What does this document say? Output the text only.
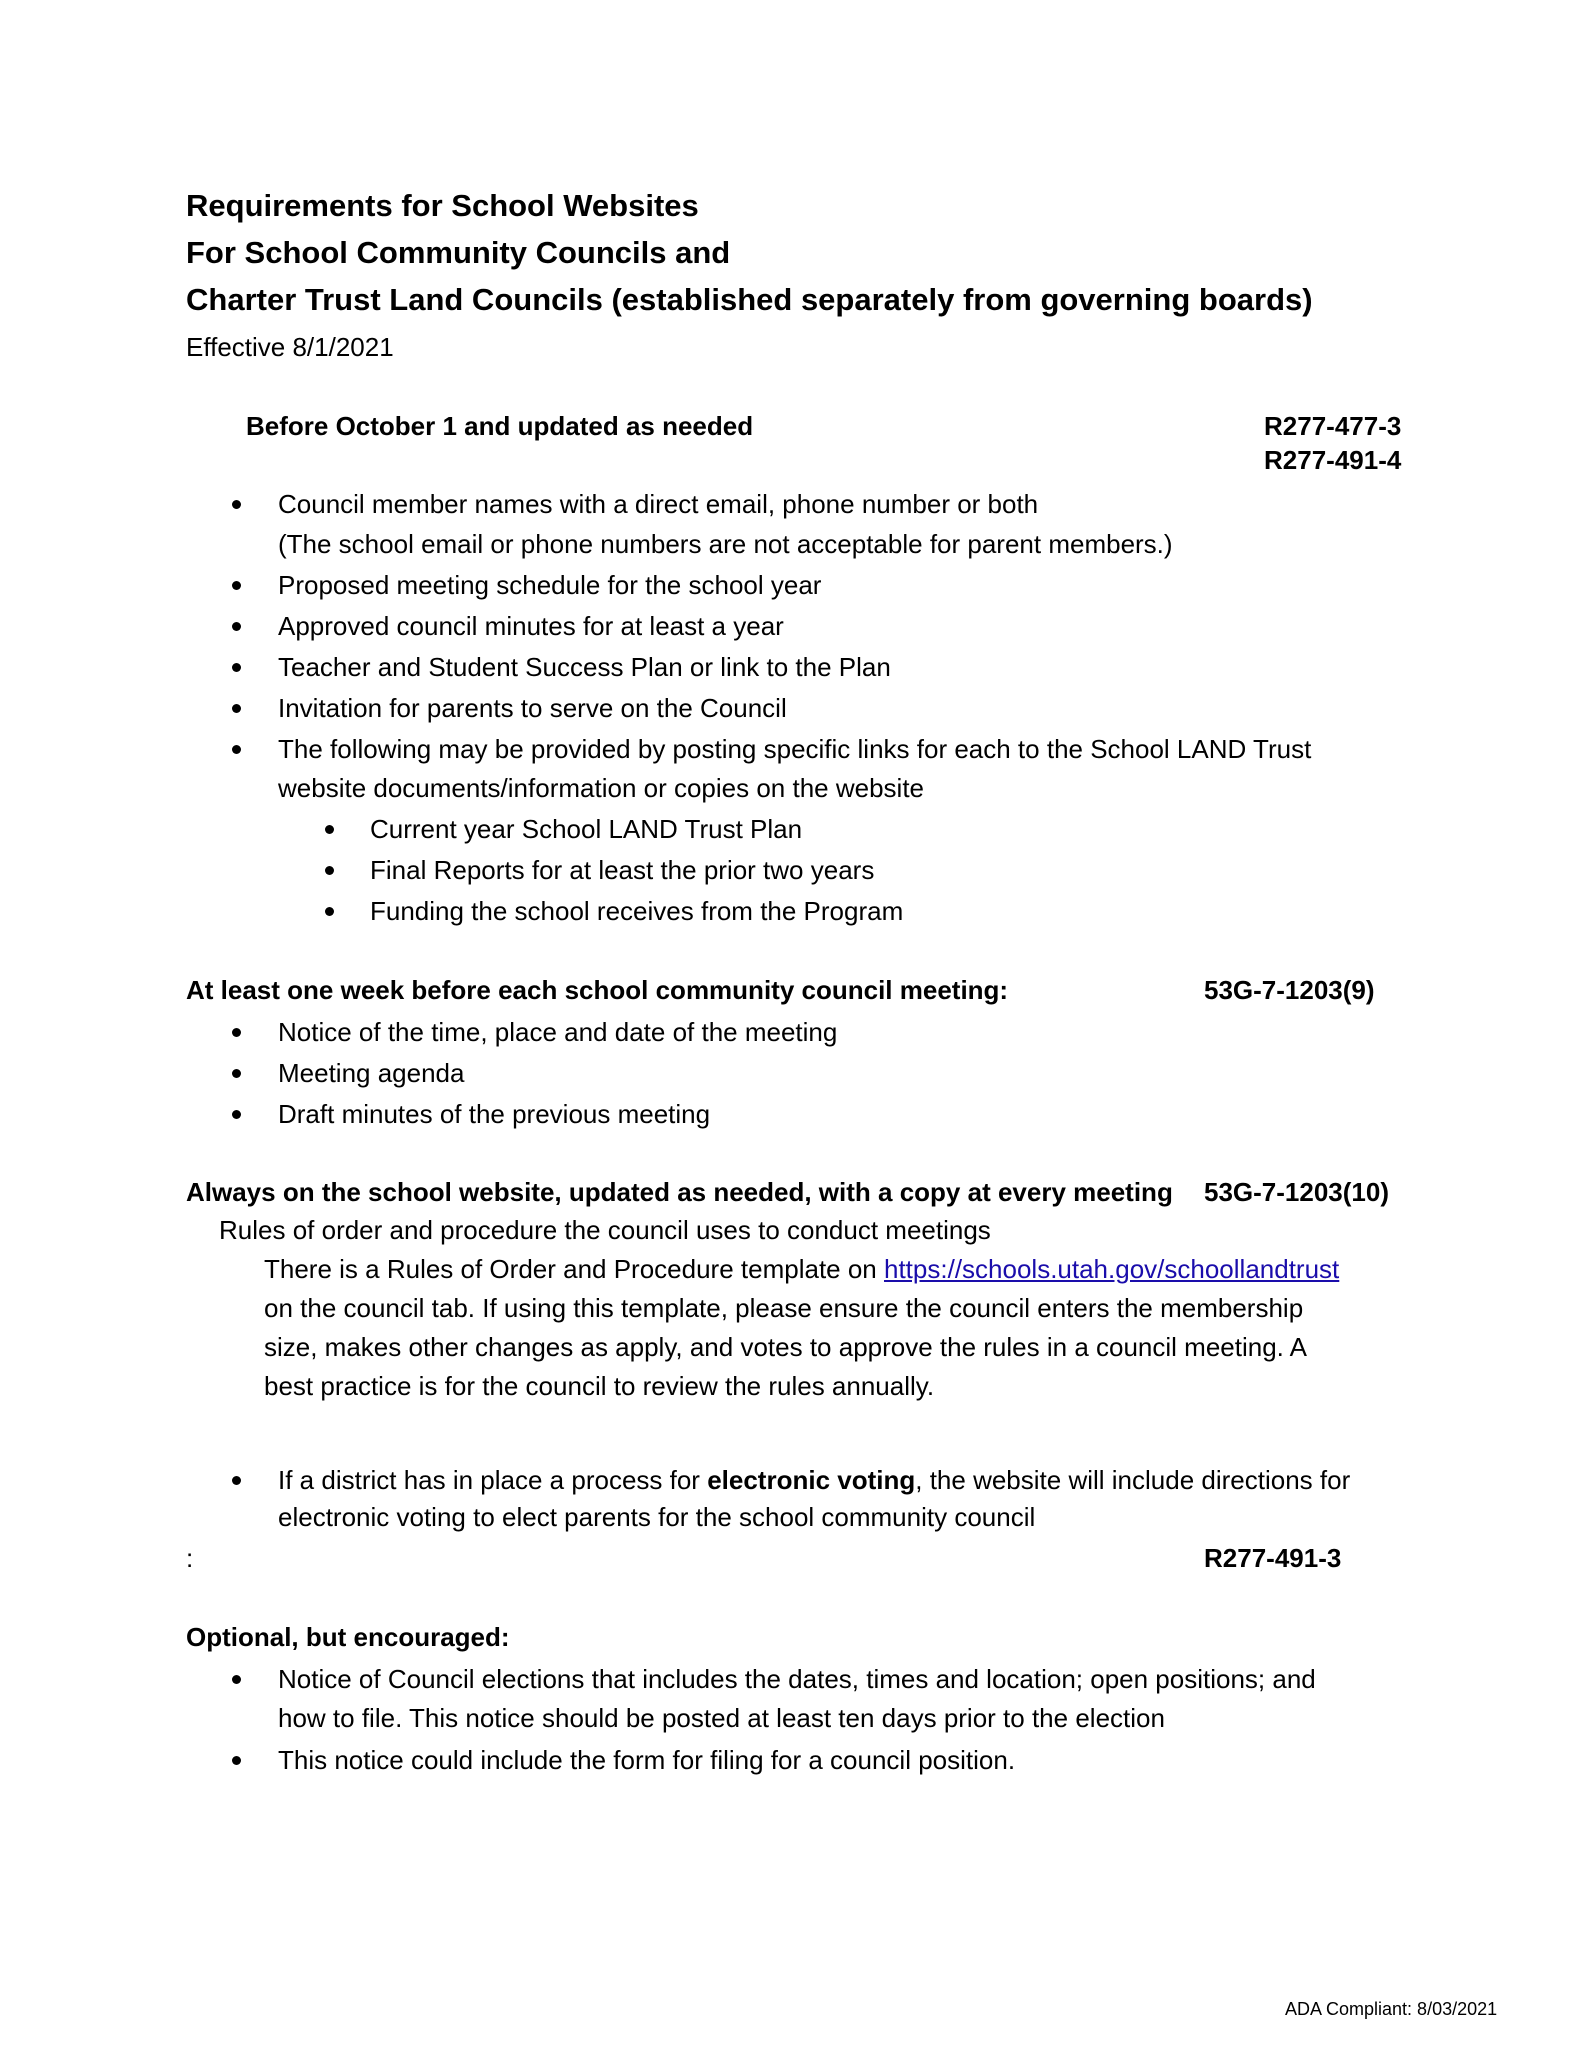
Requirements for School Websites
For School Community Councils and
Charter Trust Land Councils (established separately from governing boards)
Effective 8/1/2021
Before October 1 and updated as needed	R277-477-3
R277-491-4
Council member names with a direct email, phone number or both
(The school email or phone numbers are not acceptable for parent members.)
Proposed meeting schedule for the school year
Approved council minutes for at least a year
Teacher and Student Success Plan or link to the Plan
Invitation for parents to serve on the Council
The following may be provided by posting specific links for each to the School LAND Trust
website documents/information or copies on the website
Current year School LAND Trust Plan
Final Reports for at least the prior two years
Funding the school receives from the Program
At least one week before each school community council meeting:	53G-7-1203(9)
Notice of the time, place and date of the meeting
Meeting agenda
Draft minutes of the previous meeting
Always on the school website, updated as needed, with a copy at every meeting 53G-7-1203(10)
Rules of order and procedure the council uses to conduct meetings
There is a Rules of Order and Procedure template on https://schools.utah.gov/schoollandtrust
on the council tab. If using this template, please ensure the council enters the membership
size, makes other changes as apply, and votes to approve the rules in a council meeting. A
best practice is for the council to review the rules annually.
If a district has in place a process for electronic voting, the website will include directions for
electronic voting to elect parents for the school community council
:	R277-491-3
Optional, but encouraged:
Notice of Council elections that includes the dates, times and location; open positions; and
how to file. This notice should be posted at least ten days prior to the election
This notice could include the form for filing for a council position.
ADA Compliant: 8/03/2021
